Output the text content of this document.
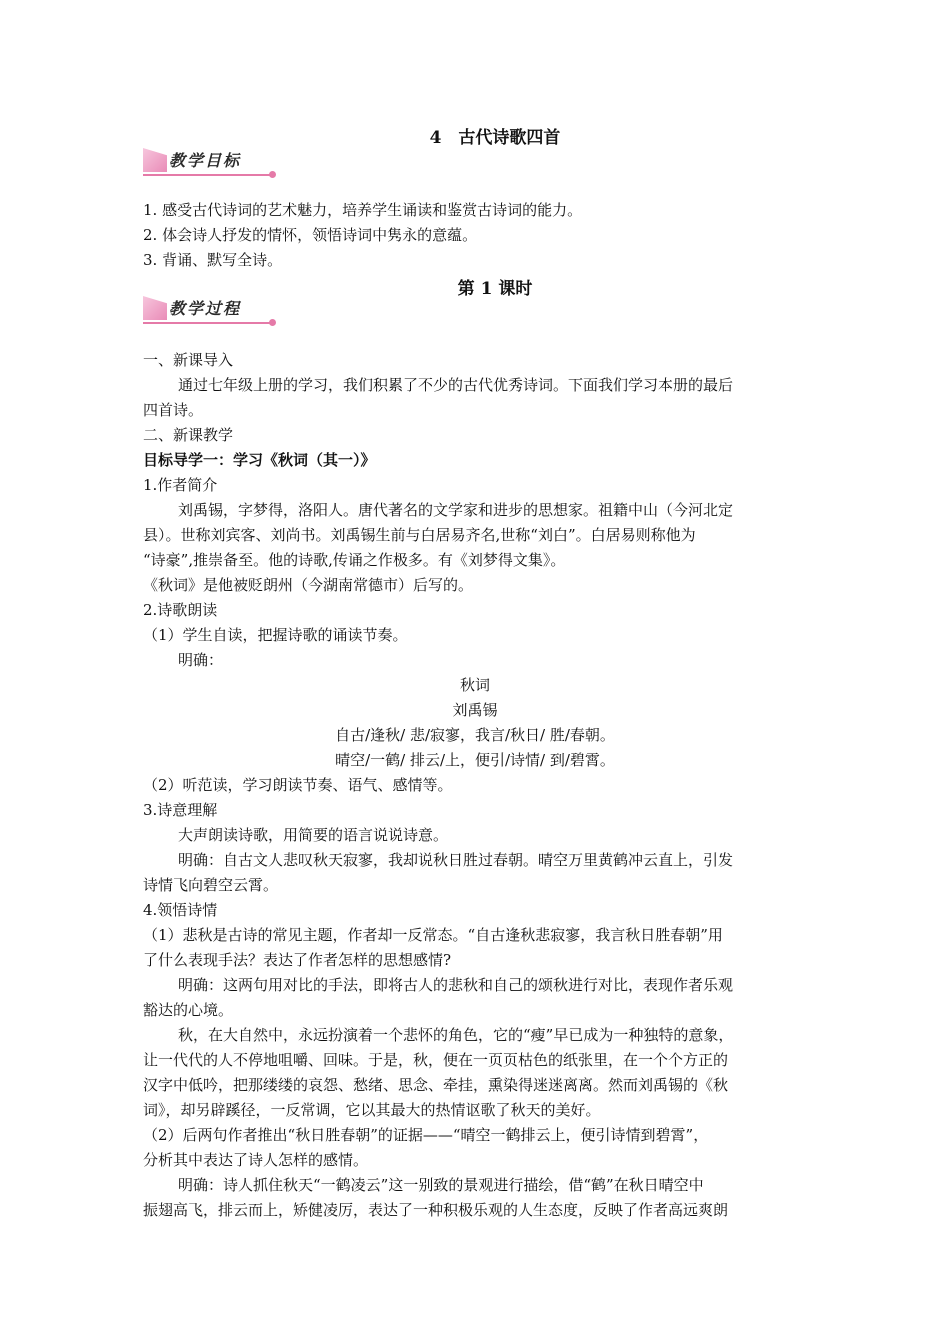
4　古代诗歌四首
教学目标
1. 感受古代诗词的艺术魅力，培养学生诵读和鉴赏古诗词的能力。
2. 体会诗人抒发的情怀，领悟诗词中隽永的意蕴。
3. 背诵、默写全诗。
第 1 课时
教学过程
一、新课导入
通过七年级上册的学习，我们积累了不少的古代优秀诗词。下面我们学习本册的最后
四首诗。
二、新课教学
目标导学一：学习《秋词（其一）》
1.作者简介
刘禹锡，字梦得，洛阳人。唐代著名的文学家和进步的思想家。祖籍中山（今河北定
县）。世称刘宾客、刘尚书。刘禹锡生前与白居易齐名,世称“刘白”。白居易则称他为
“诗豪”,推崇备至。他的诗歌,传诵之作极多。有《刘梦得文集》。
《秋词》是他被贬朗州（今湖南常德市）后写的。
2.诗歌朗读
（1）学生自读，把握诗歌的诵读节奏。
明确：
秋词
刘禹锡
自古/逢秋/ 悲/寂寥，我言/秋日/ 胜/春朝。
晴空/一鹤/ 排云/上，便引/诗情/ 到/碧霄。
（2）听范读，学习朗读节奏、语气、感情等。
3.诗意理解
大声朗读诗歌，用简要的语言说说诗意。
明确：自古文人悲叹秋天寂寥，我却说秋日胜过春朝。晴空万里黄鹤冲云直上，引发
诗情飞向碧空云霄。
4.领悟诗情
（1）悲秋是古诗的常见主题，作者却一反常态。“自古逢秋悲寂寥，我言秋日胜春朝”用
了什么表现手法？表达了作者怎样的思想感情?
明确：这两句用对比的手法，即将古人的悲秋和自己的颂秋进行对比，表现作者乐观
豁达的心境。
秋，在大自然中，永远扮演着一个悲怀的角色，它的“瘦”早已成为一种独特的意象，
让一代代的人不停地咀嚼、回味。于是，秋，便在一页页枯色的纸张里，在一个个方正的
汉字中低吟，把那缕缕的哀怨、愁绪、思念、牵挂，熏染得迷迷离离。然而刘禹锡的《秋
词》，却另辟蹊径，一反常调，它以其最大的热情讴歌了秋天的美好。
（2）后两句作者推出“秋日胜春朝”的证据——“晴空一鹤排云上，便引诗情到碧霄”，
分析其中表达了诗人怎样的感情。
明确：诗人抓住秋天“一鹤凌云”这一别致的景观进行描绘，借“鹤”在秋日晴空中
振翅高飞，排云而上，矫健凌厉，表达了一种积极乐观的人生态度，反映了作者高远爽朗
